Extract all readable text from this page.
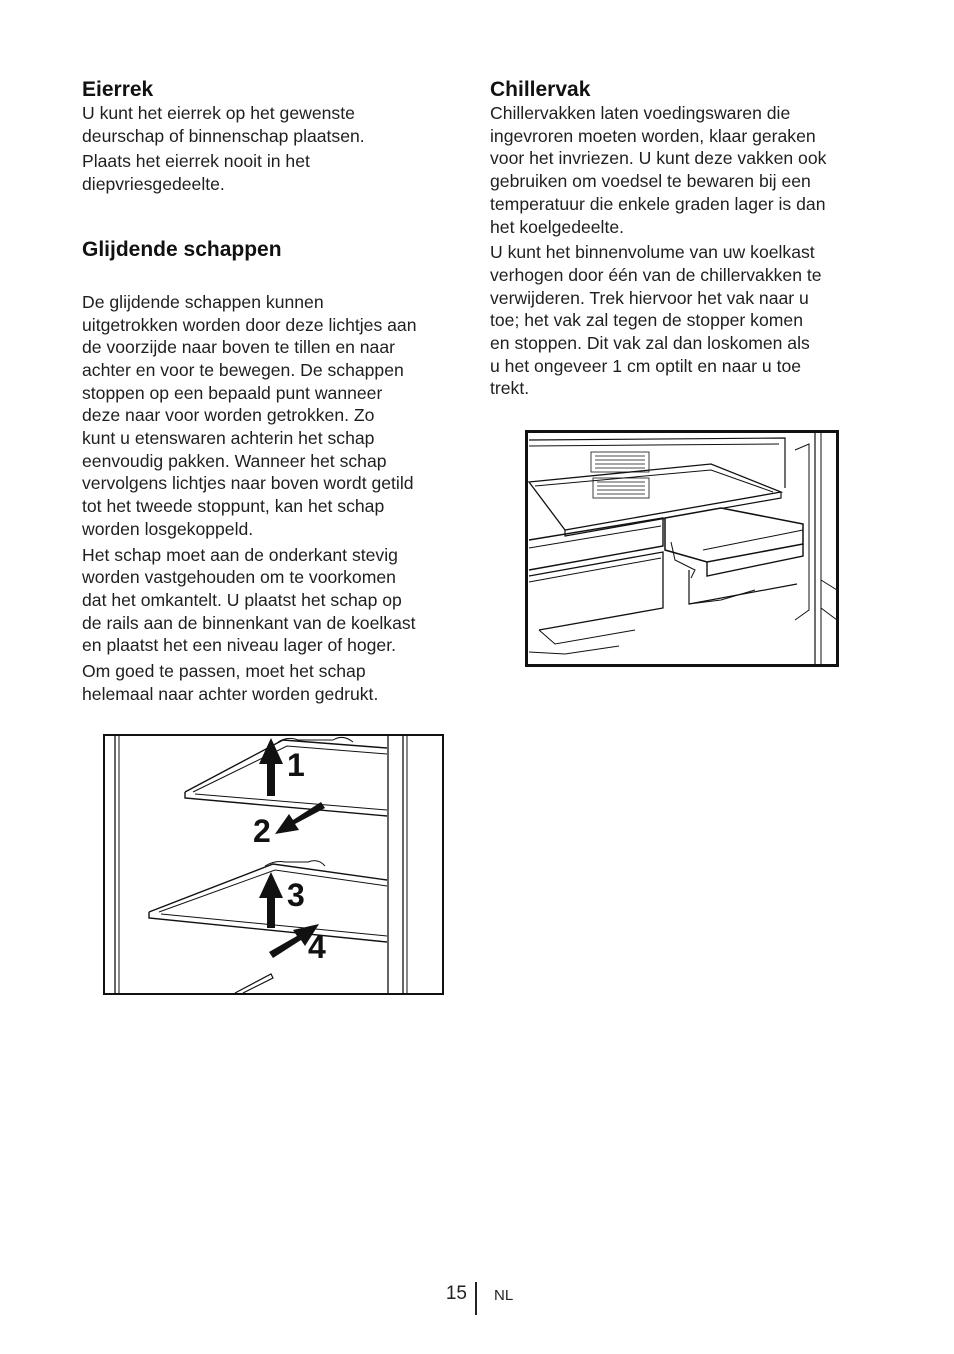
Eierrek

U kunt het eierrek op het gewenste
deurschap of binnenschap plaatsen.

Plaats het eierrek nooit in het
diepvriesgedeelte.

Glijdende schappen

De glijdende schappen kunnen
uitgetrokken worden door deze lichtjes aan
de voorzijde naar boven te tillen en naar
achter en voor te bewegen. De schappen
stoppen op een bepaald punt wanneer
deze naar voor worden getrokken. Zo
kunt u etenswaren achterin het schap
eenvoudig pakken. Wanneer het schap
vervolgens lichtjes naar boven wordt getild
tot het tweede stoppunt, kan het schap
worden losgekoppeld.

Het schap moet aan de onderkant stevig
worden vastgehouden om te voorkomen
dat het omkantelt. U plaatst het schap op
de rails aan de binnenkant van de koelkast
en plaatst het een niveau lager of hoger.

Om goed te passen, moet het schap
helemaal naar achter worden gedrukt.

1
2
3
4
Chillervak

Chillervakken laten voedingswaren die
ingevroren moeten worden, klaar geraken
voor het invriezen. U kunt deze vakken ook
gebruiken om voedsel te bewaren bij een
temperatuur die enkele graden lager is dan
het koelgedeelte.

U kunt het binnenvolume van uw koelkast
verhogen door één van de chillervakken te
verwijderen. Trek hiervoor het vak naar u
toe; het vak zal tegen de stopper komen
en stoppen. Dit vak zal dan loskomen als
u het ongeveer 1 cm optilt en naar u toe
trekt.

15 NL
